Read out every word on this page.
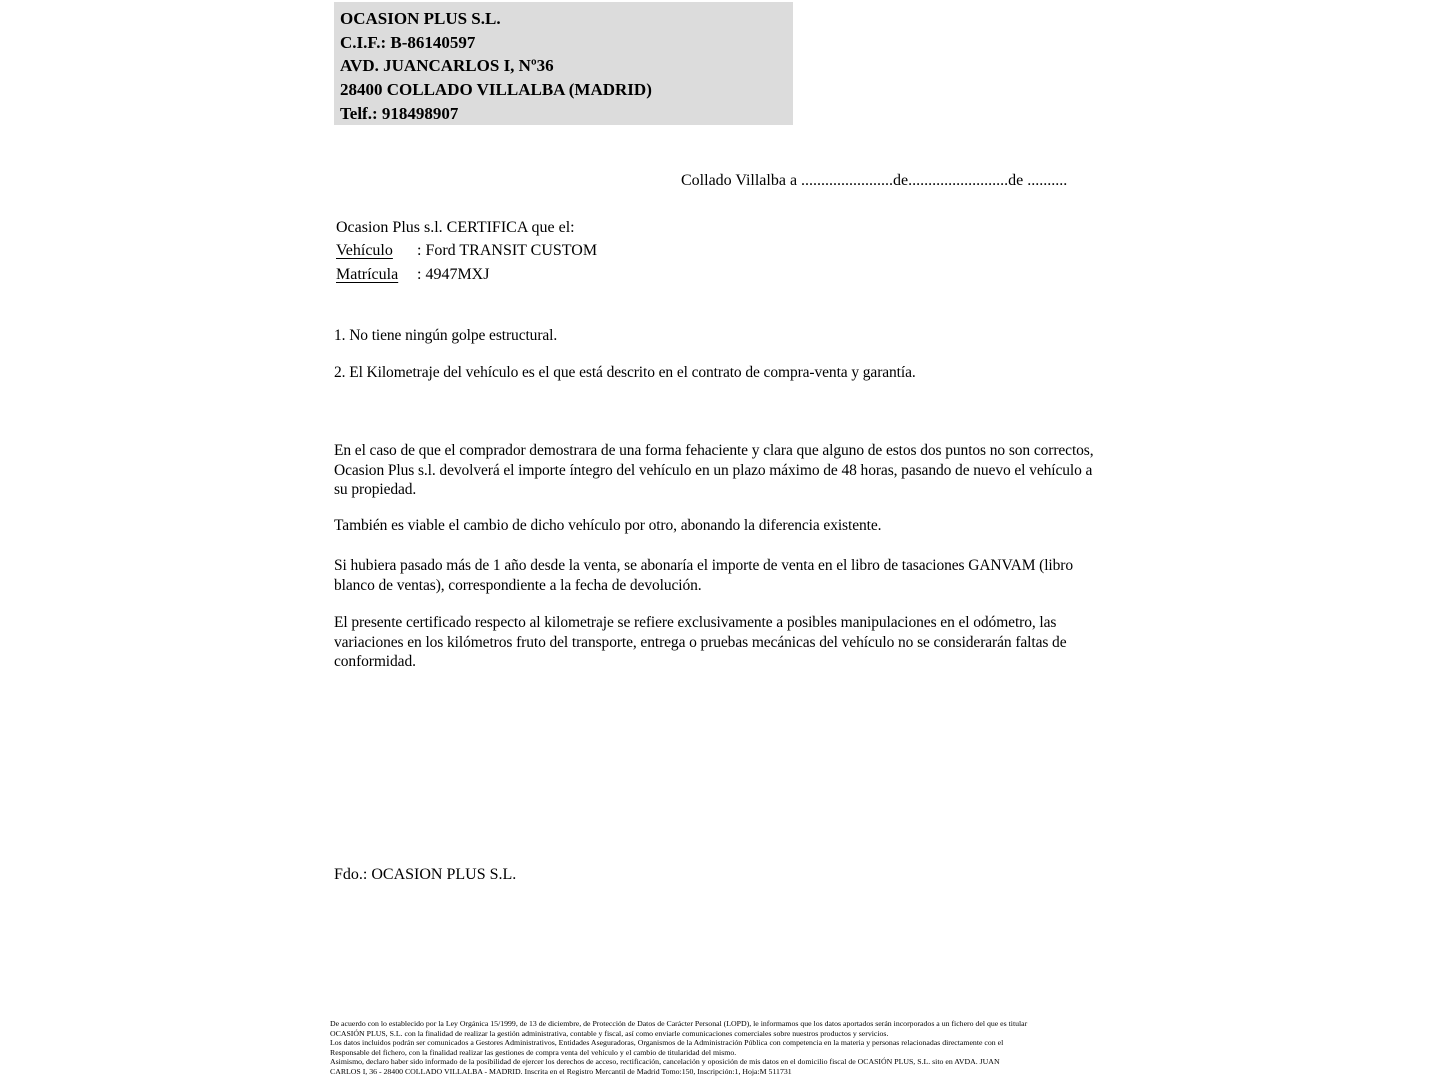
OCASION PLUS S.L.
C.I.F.: B-86140597
AVD. JUANCARLOS I, Nº36
28400 COLLADO VILLALBA (MADRID)
Telf.: 918498907
Collado Villalba a .......................de.........................de ..........
Ocasion Plus s.l. CERTIFICA que el:
Vehículo : Ford TRANSIT CUSTOM
Matrícula : 4947MXJ
1. No tiene ningún golpe estructural.
2. El Kilometraje del vehículo es el que está descrito en el contrato de compra-venta y garantía.
En el caso de que el comprador demostrara de una forma fehaciente y clara que alguno de estos dos puntos no son correctos, Ocasion Plus s.l. devolverá el importe íntegro del vehículo en un plazo máximo de 48 horas, pasando de nuevo el vehículo a su propiedad.
También es viable el cambio de dicho vehículo por otro, abonando la diferencia existente.
Si hubiera pasado más de 1 año desde la venta, se abonaría el importe de venta en el libro de tasaciones GANVAM (libro blanco de ventas), correspondiente a la fecha de devolución.
El presente certificado respecto al kilometraje se refiere exclusivamente a posibles manipulaciones en el odómetro, las variaciones en los kilómetros fruto del transporte, entrega o pruebas mecánicas del vehículo no se considerarán faltas de conformidad.
Fdo.: OCASION PLUS S.L.
De acuerdo con lo establecido por la Ley Orgánica 15/1999, de 13 de diciembre, de Protección de Datos de Carácter Personal (LOPD), le informamos que los datos aportados serán incorporados a un fichero del que es titular
OCASIÓN PLUS, S.L. con la finalidad de realizar la gestión administrativa, contable y fiscal, así como enviarle comunicaciones comerciales sobre nuestros productos y servicios.
Los datos incluidos podrán ser comunicados a Gestores Administrativos, Entidades Aseguradoras, Organismos de la Administración Pública con competencia en la materia y personas relacionadas directamente con el
Responsable del fichero, con la finalidad realizar las gestiones de compra venta del vehículo y el cambio de titularidad del mismo.
Asimismo, declaro haber sido informado de la posibilidad de ejercer los derechos de acceso, rectificación, cancelación y oposición de mis datos en el domicilio fiscal de OCASIÓN PLUS, S.L. sito en AVDA. JUAN
CARLOS I, 36 - 28400 COLLADO VILLALBA - MADRID. Inscrita en el Registro Mercantil de Madrid Tomo:150, Inscripción:1, Hoja:M 511731
